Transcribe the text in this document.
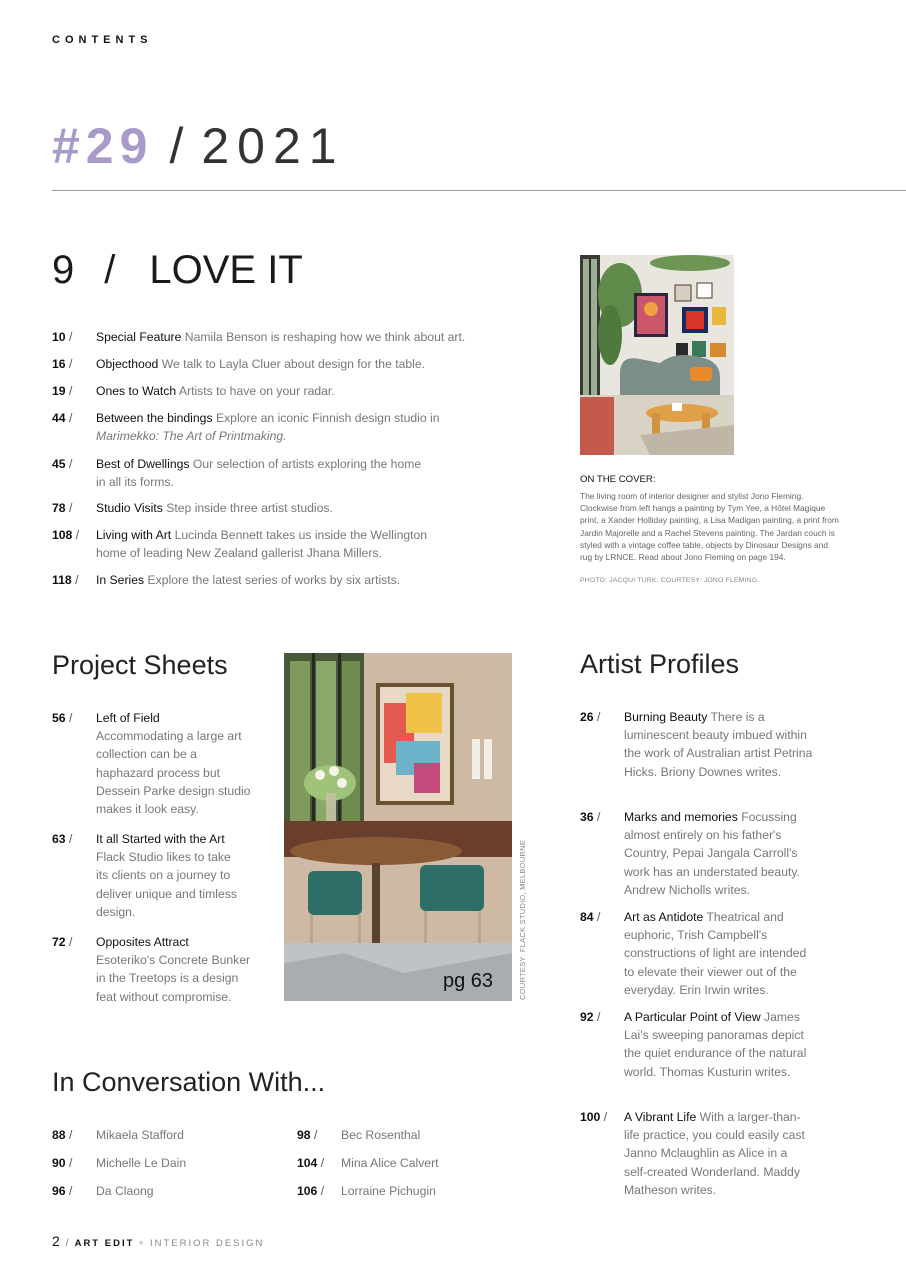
CONTENTS
#29 / 2021
9 / LOVE IT
10 /	Special Feature Namila Benson is reshaping how we think about art.
16 /	Objecthood We talk to Layla Cluer about design for the table.
19 /	Ones to Watch Artists to have on your radar.
44 /	Between the bindings Explore an iconic Finnish design studio in
Marimekko: The Art of Printmaking.
45 /	Best of Dwellings Our selection of artists exploring the home in all its forms.
78 /	Studio Visits Step inside three artist studios.
108 /	Living with Art Lucinda Bennett takes us inside the Wellington home of leading New Zealand gallerist Jhana Millers.
118 /	In Series Explore the latest series of works by six artists.
ON THE COVER:
The living room of interior designer and stylist Jono Fleming. Clockwise from left hangs a painting by Tym Yee, a Hôtel Magique print, a Xander Holliday painting, a Lisa Madigan painting, a print from Jardin Majorelle and a Rachel Stevens painting. The Jardan couch is styled with a vintage coffee table, objects by Dinosaur Designs and rug by LRNCE. Read about Jono Fleming on page 194.
PHOTO: JACQUI TURK. COURTESY: JONO FLEMING.
Project Sheets
56 /	Left of Field
Accommodating a large art collection can be a haphazard process but Dessein Parke design studio makes it look easy.
63 /	It all Started with the Art
Flack Studio likes to take its clients on a journey to deliver unique and timless design.
72 /	Opposites Attract
Esoteriko's Concrete Bunker in the Treetops is a design feat without compromise.
pg 63	COURTESY: FLACK STUDIO, MELBOURNE
Artist Profiles
26 /	Burning Beauty There is a luminescent beauty imbued within the work of Australian artist Petrina Hicks. Briony Downes writes.
36 /	Marks and memories Focussing almost entirely on his father's Country, Pepai Jangala Carroll's work has an understated beauty. Andrew Nicholls writes.
84 /	Art as Antidote Theatrical and euphoric, Trish Campbell's constructions of light are intended to elevate their viewer out of the everyday. Erin Irwin writes.
92 /	A Particular Point of View James Lai's sweeping panoramas depict the quiet endurance of the natural world. Thomas Kusturin writes.
100 /	A Vibrant Life With a larger-than-life practice, you could easily cast Janno Mclaughlin as Alice in a self-created Wonderland. Maddy Matheson writes.
In Conversation With...
88 / Mikaela Stafford
90 / Michelle Le Dain
96 / Da Claong
98 / Bec Rosenthal
104 / Mina Alice Calvert
106 / Lorraine Pichugin
2 / ART EDIT + INTERIOR DESIGN
